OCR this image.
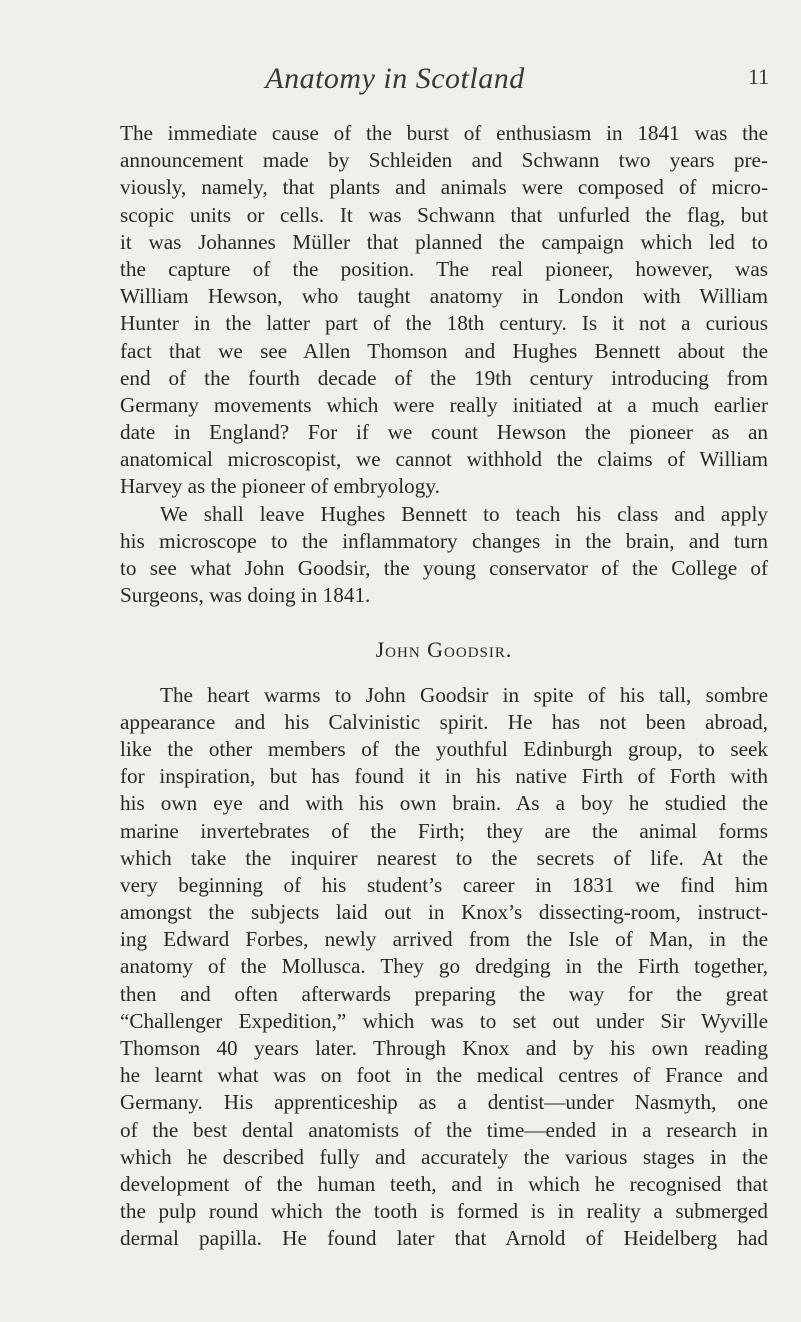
Anatomy in Scotland	11
The immediate cause of the burst of enthusiasm in 1841 was the
announcement made by Schleiden and Schwann two years pre-
viously, namely, that plants and animals were composed of micro-
scopic units or cells. It was Schwann that unfurled the flag, but
it was Johannes Müller that planned the campaign which led to
the capture of the position. The real pioneer, however, was
William Hewson, who taught anatomy in London with William
Hunter in the latter part of the 18th century. Is it not a curious
fact that we see Allen Thomson and Hughes Bennett about the
end of the fourth decade of the 19th century introducing from
Germany movements which were really initiated at a much earlier
date in England? For if we count Hewson the pioneer as an
anatomical microscopist, we cannot withhold the claims of William
Harvey as the pioneer of embryology.
We shall leave Hughes Bennett to teach his class and apply
his microscope to the inflammatory changes in the brain, and turn
to see what John Goodsir, the young conservator of the College of
Surgeons, was doing in 1841.
John Goodsir.
The heart warms to John Goodsir in spite of his tall, sombre
appearance and his Calvinistic spirit. He has not been abroad,
like the other members of the youthful Edinburgh group, to seek
for inspiration, but has found it in his native Firth of Forth with
his own eye and with his own brain. As a boy he studied the
marine invertebrates of the Firth; they are the animal forms
which take the inquirer nearest to the secrets of life. At the
very beginning of his student’s career in 1831 we find him
amongst the subjects laid out in Knox’s dissecting-room, instruct-
ing Edward Forbes, newly arrived from the Isle of Man, in the
anatomy of the Mollusca. They go dredging in the Firth together,
then and often afterwards preparing the way for the great
“Challenger Expedition,” which was to set out under Sir Wyville
Thomson 40 years later. Through Knox and by his own reading
he learnt what was on foot in the medical centres of France and
Germany. His apprenticeship as a dentist—under Nasmyth, one
of the best dental anatomists of the time—ended in a research in
which he described fully and accurately the various stages in the
development of the human teeth, and in which he recognised that
the pulp round which the tooth is formed is in reality a submerged
dermal papilla. He found later that Arnold of Heidelberg had
